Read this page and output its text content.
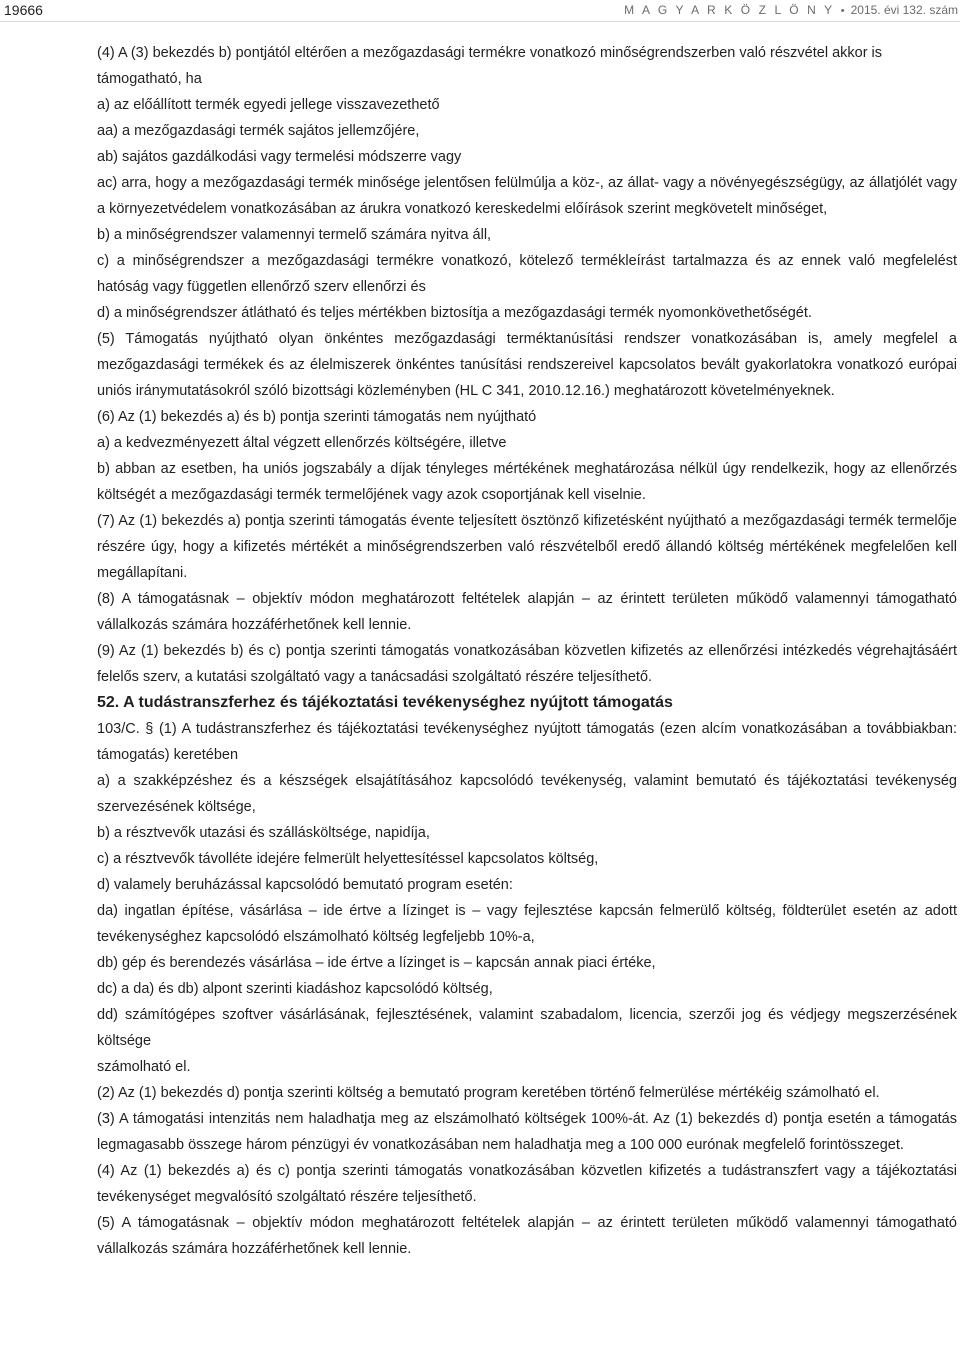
19666	M A G Y A R K Ö Z L Ö N Y • 2015. évi 132. szám

(4) A (3) bekezdés b) pontjától eltérően a mezőgazdasági termékre vonatkozó minőségrendszerben való részvétel akkor is támogatható, ha

a) az előállított termék egyedi jellege visszavezethető

aa) a mezőgazdasági termék sajátos jellemzőjére,

ab) sajátos gazdálkodási vagy termelési módszerre vagy

ac) arra, hogy a mezőgazdasági termék minősége jelentősen felülmúlja a köz-, az állat- vagy a növényegészségügy, az állatjólét vagy a környezetvédelem vonatkozásában az árukra vonatkozó kereskedelmi előírások szerint megkövetelt minőséget,

b) a minőségrendszer valamennyi termelő számára nyitva áll,

c) a minőségrendszer a mezőgazdasági termékre vonatkozó, kötelező termékleírást tartalmazza és az ennek való megfelelést hatóság vagy független ellenőrző szerv ellenőrzi és

d) a minőségrendszer átlátható és teljes mértékben biztosítja a mezőgazdasági termék nyomonkövethetőségét.

(5) Támogatás nyújtható olyan önkéntes mezőgazdasági terméktanúsítási rendszer vonatkozásában is, amely megfelel a mezőgazdasági termékek és az élelmiszerek önkéntes tanúsítási rendszereivel kapcsolatos bevált gyakorlatokra vonatkozó európai uniós iránymutatásokról szóló bizottsági közleményben (HL C 341, 2010.12.16.) meghatározott követelményeknek.

(6) Az (1) bekezdés a) és b) pontja szerinti támogatás nem nyújtható

a) a kedvezményezett által végzett ellenőrzés költségére, illetve

b) abban az esetben, ha uniós jogszabály a díjak tényleges mértékének meghatározása nélkül úgy rendelkezik, hogy az ellenőrzés költségét a mezőgazdasági termék termelőjének vagy azok csoportjának kell viselnie.

(7) Az (1) bekezdés a) pontja szerinti támogatás évente teljesített ösztönző kifizetésként nyújtható a mezőgazdasági termék termelője részére úgy, hogy a kifizetés mértékét a minőségrendszerben való részvételből eredő állandó költség mértékének megfelelően kell megállapítani.

(8) A támogatásnak – objektív módon meghatározott feltételek alapján – az érintett területen működő valamennyi támogatható vállalkozás számára hozzáférhetőnek kell lennie.

(9) Az (1) bekezdés b) és c) pontja szerinti támogatás vonatkozásában közvetlen kifizetés az ellenőrzési intézkedés végrehajtásáért felelős szerv, a kutatási szolgáltató vagy a tanácsadási szolgáltató részére teljesíthető.

52. A tudástranszferhez és tájékoztatási tevékenységhez nyújtott támogatás

103/C. § (1) A tudástranszferhez és tájékoztatási tevékenységhez nyújtott támogatás (ezen alcím vonatkozásában a továbbiakban: támogatás) keretében

a) a szakképzéshez és a készségek elsajátításához kapcsolódó tevékenység, valamint bemutató és tájékoztatási tevékenység szervezésének költsége,

b) a résztvevők utazási és szállásköltsége, napidíja,

c) a résztvevők távolléte idejére felmerült helyettesítéssel kapcsolatos költség,

d) valamely beruházással kapcsolódó bemutató program esetén:

da) ingatlan építése, vásárlása – ide értve a lízinget is – vagy fejlesztése kapcsán felmerülő költség, földterület esetén az adott tevékenységhez kapcsolódó elszámolható költség legfeljebb 10%-a,

db) gép és berendezés vásárlása – ide értve a lízinget is – kapcsán annak piaci értéke,

dc) a da) és db) alpont szerinti kiadáshoz kapcsolódó költség,

dd) számítógépes szoftver vásárlásának, fejlesztésének, valamint szabadalom, licencia, szerzői jog és védjegy megszerzésének költsége

számolható el.

(2) Az (1) bekezdés d) pontja szerinti költség a bemutató program keretében történő felmerülése mértékéig számolható el.

(3) A támogatási intenzitás nem haladhatja meg az elszámolható költségek 100%-át. Az (1) bekezdés d) pontja esetén a támogatás legmagasabb összege három pénzügyi év vonatkozásában nem haladhatja meg a 100 000 eurónak megfelelő forintösszeget.

(4) Az (1) bekezdés a) és c) pontja szerinti támogatás vonatkozásában közvetlen kifizetés a tudástranszfert vagy a tájékoztatási tevékenységet megvalósító szolgáltató részére teljesíthető.

(5) A támogatásnak – objektív módon meghatározott feltételek alapján – az érintett területen működő valamennyi támogatható vállalkozás számára hozzáférhetőnek kell lennie.
